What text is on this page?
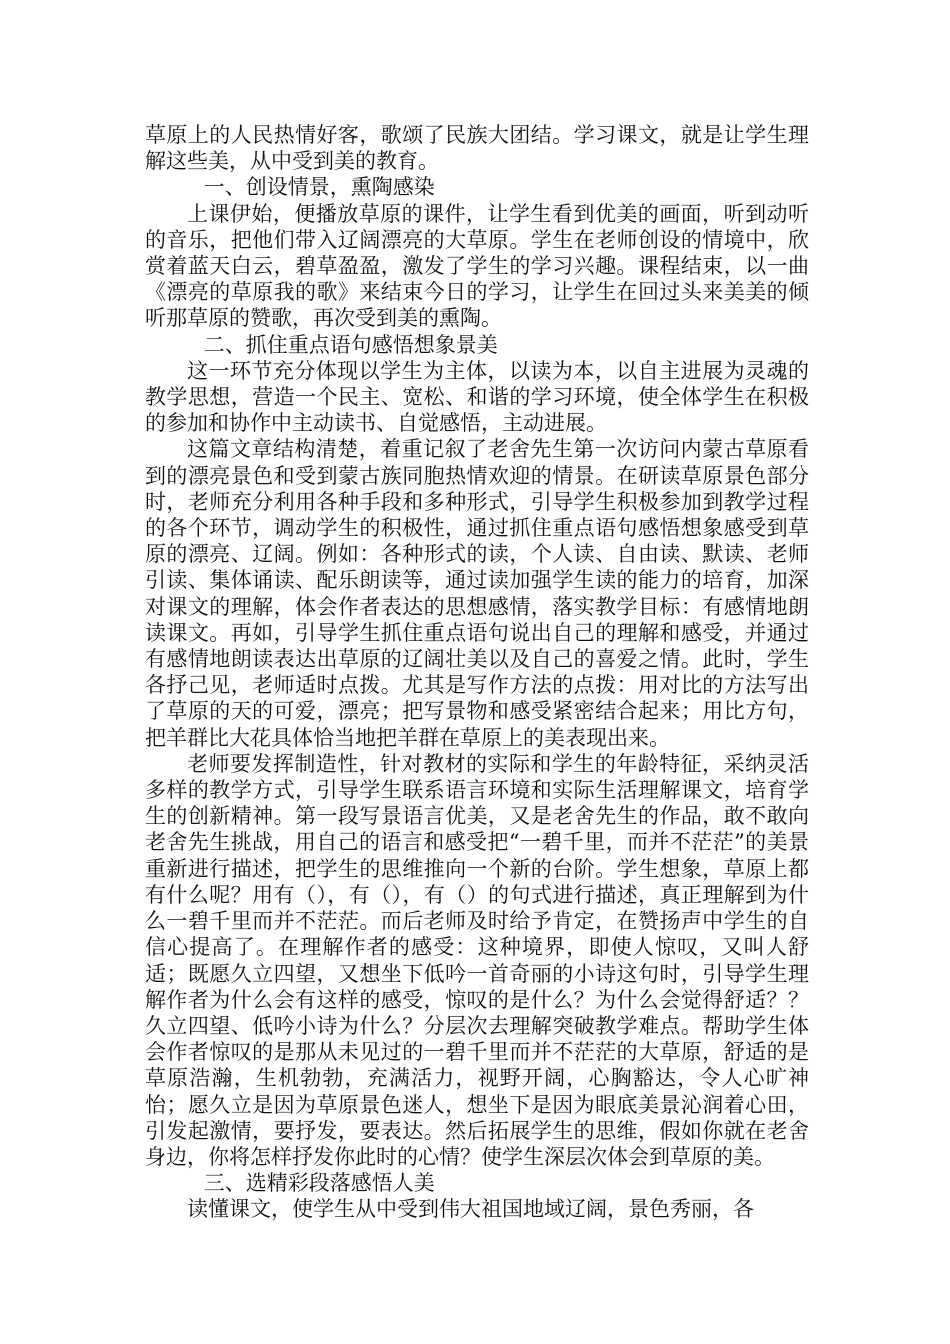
草原上的人民热情好客，歌颂了民族大团结。学习课文，就是让学生理解这些美，从中受到美的教育。

一、创设情景，熏陶感染

上课伊始，便播放草原的课件，让学生看到优美的画面，听到动听的音乐，把他们带入辽阔漂亮的大草原。学生在老师创设的情境中，欣赏着蓝天白云，碧草盈盈，激发了学生的学习兴趣。课程结束，以一曲《漂亮的草原我的歌》来结束今日的学习，让学生在回过头来美美的倾听那草原的赞歌，再次受到美的熏陶。

二、抓住重点语句感悟想象景美

这一环节充分体现以学生为主体，以读为本，以自主进展为灵魂的教学思想，营造一个民主、宽松、和谐的学习环境，使全体学生在积极的参加和协作中主动读书、自觉感悟，主动进展。

这篇文章结构清楚，着重记叙了老舍先生第一次访问内蒙古草原看到的漂亮景色和受到蒙古族同胞热情欢迎的情景。在研读草原景色部分时，老师充分利用各种手段和多种形式，引导学生积极参加到教学过程的各个环节，调动学生的积极性，通过抓住重点语句感悟想象感受到草原的漂亮、辽阔。例如：各种形式的读，个人读、自由读、默读、老师引读、集体诵读、配乐朗读等，通过读加强学生读的能力的培育，加深对课文的理解，体会作者表达的思想感情，落实教学目标：有感情地朗读课文。再如，引导学生抓住重点语句说出自己的理解和感受，并通过有感情地朗读表达出草原的辽阔壮美以及自己的喜爱之情。此时，学生各抒己见，老师适时点拨。尤其是写作方法的点拨：用对比的方法写出了草原的天的可爱，漂亮；把写景物和感受紧密结合起来；用比方句，把羊群比大花具体恰当地把羊群在草原上的美表现出来。

老师要发挥制造性，针对教材的实际和学生的年龄特征，采纳灵活多样的教学方式，引导学生联系语言环境和实际生活理解课文，培育学生的创新精神。第一段写景语言优美，又是老舍先生的作品，敢不敢向老舍先生挑战，用自己的语言和感受把“一碧千里，而并不茫茫”的美景重新进行描述，把学生的思维推向一个新的台阶。学生想象，草原上都有什么呢？用有（），有（），有（）的句式进行描述，真正理解到为什么一碧千里而并不茫茫。而后老师及时给予肯定，在赞扬声中学生的自信心提高了。在理解作者的感受：这种境界，即使人惊叹，又叫人舒适；既愿久立四望，又想坐下低吟一首奇丽的小诗这句时，引导学生理解作者为什么会有这样的感受，惊叹的是什么？为什么会觉得舒适？？久立四望、低吟小诗为什么？分层次去理解突破教学难点。帮助学生体会作者惊叹的是那从未见过的一碧千里而并不茫茫的大草原，舒适的是草原浩瀚，生机勃勃，充满活力，视野开阔，心胸豁达，令人心旷神怡；愿久立是因为草原景色迷人，想坐下是因为眼底美景沁润着心田，引发起激情，要抒发，要表达。然后拓展学生的思维，假如你就在老舍身边，你将怎样抒发你此时的心情？使学生深层次体会到草原的美。

三、选精彩段落感悟人美

读懂课文，使学生从中受到伟大祖国地域辽阔，景色秀丽，各
